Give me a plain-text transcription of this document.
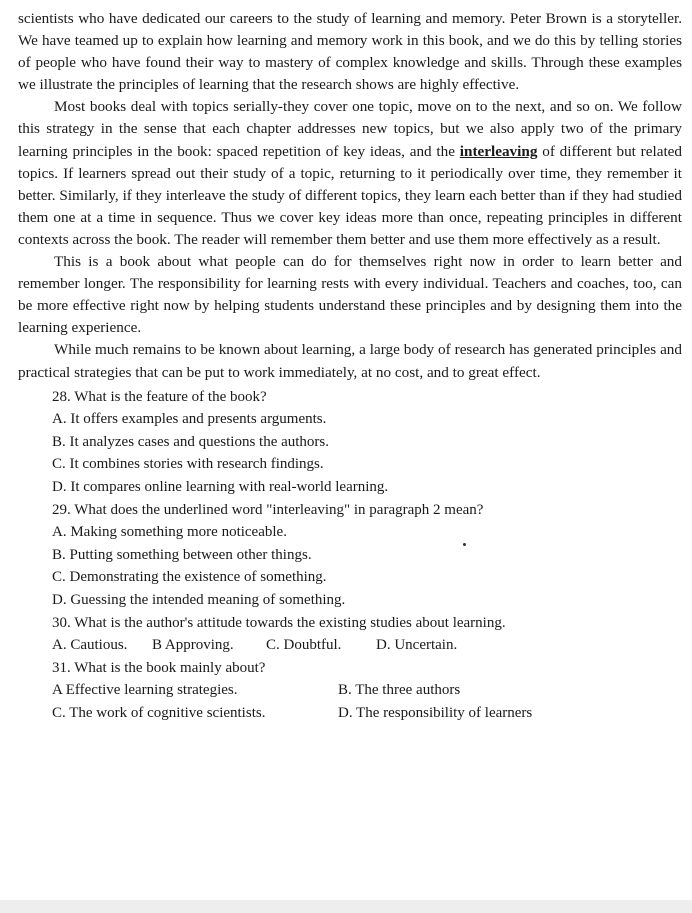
scientists who have dedicated our careers to the study of learning and memory. Peter Brown is a storyteller. We have teamed up to explain how learning and memory work in this book, and we do this by telling stories of people who have found their way to mastery of complex knowledge and skills. Through these examples we illustrate the principles of learning that the research shows are highly effective.

Most books deal with topics serially-they cover one topic, move on to the next, and so on. We follow this strategy in the sense that each chapter addresses new topics, but we also apply two of the primary learning principles in the book: spaced repetition of key ideas, and the interleaving of different but related topics. If learners spread out their study of a topic, returning to it periodically over time, they remember it better. Similarly, if they interleave the study of different topics, they learn each better than if they had studied them one at a time in sequence. Thus we cover key ideas more than once, repeating principles in different contexts across the book. The reader will remember them better and use them more effectively as a result.

This is a book about what people can do for themselves right now in order to learn better and remember longer. The responsibility for learning rests with every individual. Teachers and coaches, too, can be more effective right now by helping students understand these principles and by designing them into the learning experience.

While much remains to be known about learning, a large body of research has generated principles and practical strategies that can be put to work immediately, at no cost, and to great effect.

28. What is the feature of the book?

A. It offers examples and presents arguments.

B. It analyzes cases and questions the authors.

C. It combines stories with research findings.

D. It compares online learning with real-world learning.

29. What does the underlined word "interleaving" in paragraph 2 mean?

A. Making something more noticeable.

B. Putting something between other things.

C. Demonstrating the existence of something.

D. Guessing the intended meaning of something.

30. What is the author's attitude towards the existing studies about learning.

A. Cautious.	B Approving.	C. Doubtful.	D. Uncertain.

31. What is the book mainly about?

A Effective learning strategies.	B. The three authors
C. The work of cognitive scientists.	D. The responsibility of learners
